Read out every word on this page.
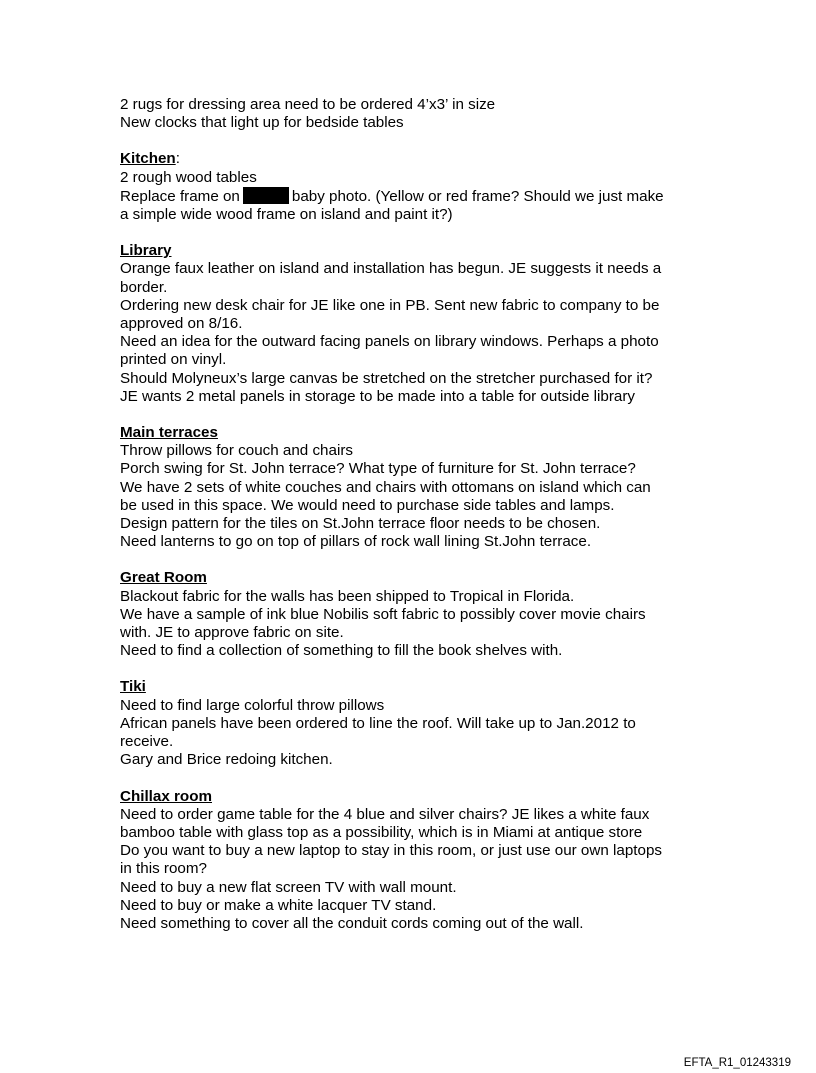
2 rugs for dressing area need to be ordered 4’x3’ in size
New clocks that light up for bedside tables
Kitchen:
2 rough wood tables
Replace frame on	baby photo. (Yellow or red frame? Should we just make
a simple wide wood frame on island and paint it?)
Library
Orange faux leather on island and installation has begun. JE suggests it needs a
border.
Ordering new desk chair for JE like one in PB. Sent new fabric to company to be
approved on 8/16.
Need an idea for the outward facing panels on library windows. Perhaps a photo
printed on vinyl.
Should Molyneux’s large canvas be stretched on the stretcher purchased for it?
JE wants 2 metal panels in storage to be made into a table for outside library
Main terraces
Throw pillows for couch and chairs
Porch swing for St. John terrace? What type of furniture for St. John terrace?
We have 2 sets of white couches and chairs with ottomans on island which can
be used in this space. We would need to purchase side tables and lamps.
Design pattern for the tiles on St.John terrace floor needs to be chosen.
Need lanterns to go on top of pillars of rock wall lining St.John terrace.
Great Room
Blackout fabric for the walls has been shipped to Tropical in Florida.
We have a sample of ink blue Nobilis soft fabric to possibly cover movie chairs
with. JE to approve fabric on site.
Need to find a collection of something to fill the book shelves with.
Tiki
Need to find large colorful throw pillows
African panels have been ordered to line the roof. Will take up to Jan.2012 to
receive.
Gary and Brice redoing kitchen.
Chillax room
Need to order game table for the 4 blue and silver chairs? JE likes a white faux
bamboo table with glass top as a possibility, which is in Miami at antique store
Do you want to buy a new laptop to stay in this room, or just use our own laptops
in this room?
Need to buy a new flat screen TV with wall mount.
Need to buy or make a white lacquer TV stand.
Need something to cover all the conduit cords coming out of the wall.
EFTA_R1_01243319
